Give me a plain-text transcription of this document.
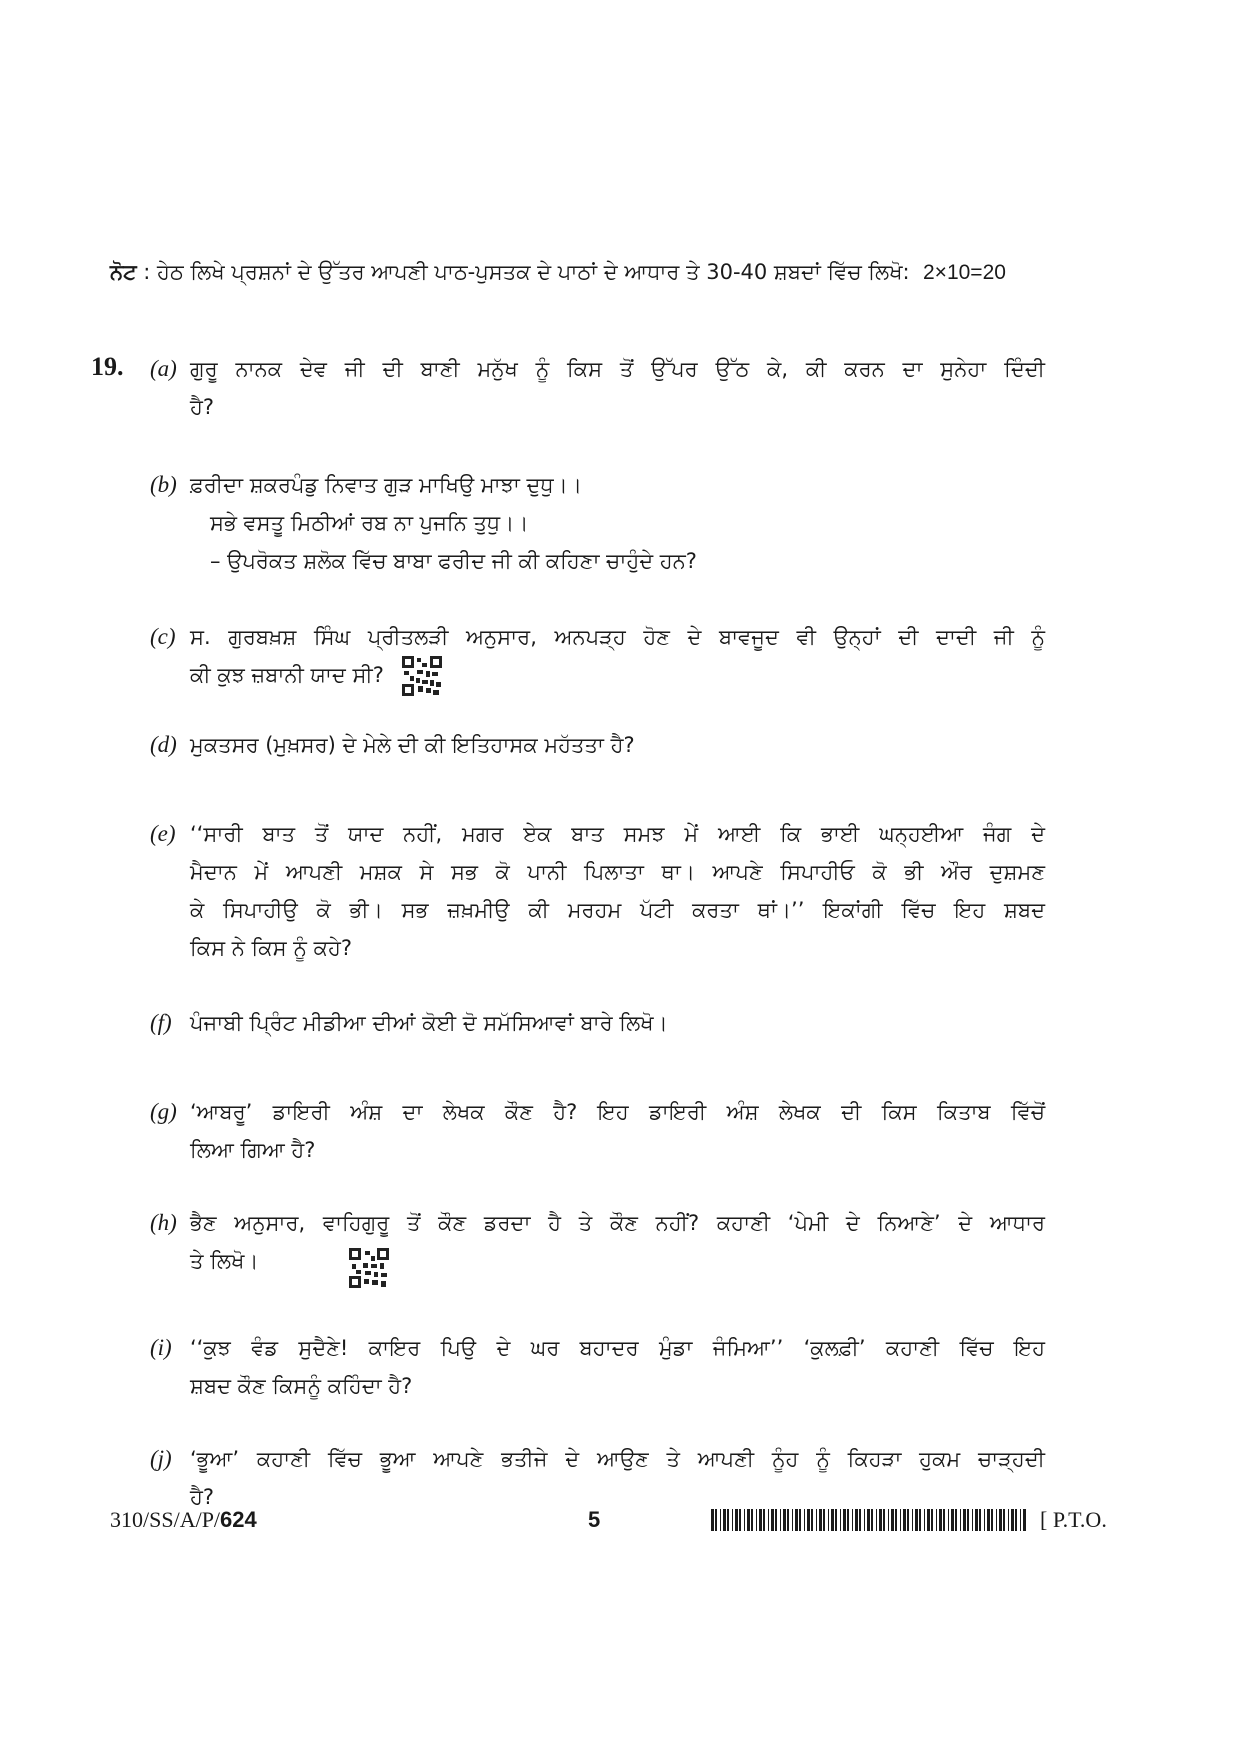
ਨੋਟ : ਹੇਠ ਲਿਖੇ ਪ੍ਰਸ਼ਨਾਂ ਦੇ ਉੱਤਰ ਆਪਣੀ ਪਾਠ-ਪੁਸਤਕ ਦੇ ਪਾਠਾਂ ਦੇ ਆਧਾਰ ਤੇ 30-40 ਸ਼ਬਦਾਂ ਵਿੱਚ ਲਿਖੋ: 2×10=20
19. (a) ਗੁਰੂ ਨਾਨਕ ਦੇਵ ਜੀ ਦੀ ਬਾਣੀ ਮਨੁੱਖ ਨੂੰ ਕਿਸ ਤੋਂ ਉੱਪਰ ਉੱਠ ਕੇ, ਕੀ ਕਰਨ ਦਾ ਸੁਨੇਹਾ ਦਿੰਦੀ
ਹੈ?
(b) ਫ਼ਰੀਦਾ ਸ਼ਕਰਪੰਡੁ ਨਿਵਾਤ ਗੁੜ ਮਾਖਿਉ ਮਾਝਾ ਦੁਧੁ।।
ਸਭੇ ਵਸਤੂ ਮਿਠੀਆਂ ਰਬ ਨਾ ਪੁਜਨਿ ਤੁਧੁ।।
– ਉਪਰੋਕਤ ਸ਼ਲੋਕ ਵਿੱਚ ਬਾਬਾ ਫਰੀਦ ਜੀ ਕੀ ਕਹਿਣਾ ਚਾਹੁੰਦੇ ਹਨ?
(c) ਸ. ਗੁਰਬਖ਼ਸ਼ ਸਿੰਘ ਪ੍ਰੀਤਲੜੀ ਅਨੁਸਾਰ, ਅਨਪੜ੍ਹ ਹੋਣ ਦੇ ਬਾਵਜੂਦ ਵੀ ਉਨ੍ਹਾਂ ਦੀ ਦਾਦੀ ਜੀ ਨੂੰ
ਕੀ ਕੁਝ ਜ਼ਬਾਨੀ ਯਾਦ ਸੀ?
(d) ਮੁਕਤਸਰ (ਮੁਖ਼ਸਰ) ਦੇ ਮੇਲੇ ਦੀ ਕੀ ਇਤਿਹਾਸਕ ਮਹੱਤਤਾ ਹੈ?
(e) ‘‘ਸਾਰੀ ਬਾਤ ਤੋਂ ਯਾਦ ਨਹੀਂ, ਮਗਰ ਏਕ ਬਾਤ ਸਮਝ ਮੇਂ ਆਈ ਕਿ ਭਾਈ ਘਨ੍ਹਈਆ ਜੰਗ ਦੇ
ਮੈਦਾਨ ਮੇਂ ਆਪਣੀ ਮਸ਼ਕ ਸੇ ਸਭ ਕੋ ਪਾਨੀ ਪਿਲਾਤਾ ਥਾ। ਆਪਣੇ ਸਿਪਾਹੀਓ ਕੋ ਭੀ ਔਰ ਦੁਸ਼ਮਣ
ਕੇ ਸਿਪਾਹੀਉ ਕੋ ਭੀ। ਸਭ ਜ਼ਖ਼ਮੀਉ ਕੀ ਮਰਹਮ ਪੱਟੀ ਕਰਤਾ ਥਾਂ।’’ ਇਕਾਂਗੀ ਵਿੱਚ ਇਹ ਸ਼ਬਦ
ਕਿਸ ਨੇ ਕਿਸ ਨੂੰ ਕਹੇ?
(f) ਪੰਜਾਬੀ ਪ੍ਰਿੰਟ ਮੀਡੀਆ ਦੀਆਂ ਕੋਈ ਦੋ ਸਮੱਸਿਆਵਾਂ ਬਾਰੇ ਲਿਖੋ।
(g) ‘ਆਬਰੂ’ ਡਾਇਰੀ ਅੰਸ਼ ਦਾ ਲੇਖਕ ਕੌਣ ਹੈ? ਇਹ ਡਾਇਰੀ ਅੰਸ਼ ਲੇਖਕ ਦੀ ਕਿਸ ਕਿਤਾਬ ਵਿੱਚੋਂ
ਲਿਆ ਗਿਆ ਹੈ?
(h) ਭੈਣ ਅਨੁਸਾਰ, ਵਾਹਿਗੁਰੂ ਤੋਂ ਕੌਣ ਡਰਦਾ ਹੈ ਤੇ ਕੌਣ ਨਹੀਂ? ਕਹਾਣੀ ‘ਪੇਮੀ ਦੇ ਨਿਆਣੇ’ ਦੇ ਆਧਾਰ
ਤੇ ਲਿਖੋ।
(i) ‘‘ਕੁਝ ਵੰਡ ਸੁਦੈਣੇ! ਕਾਇਰ ਪਿਉ ਦੇ ਘਰ ਬਹਾਦਰ ਮੁੰਡਾ ਜੰਮਿਆ’’ ‘ਕੁਲਫ਼ੀ’ ਕਹਾਣੀ ਵਿੱਚ ਇਹ
ਸ਼ਬਦ ਕੌਣ ਕਿਸਨੂੰ ਕਹਿੰਦਾ ਹੈ?
(j) ‘ਭੂਆ’ ਕਹਾਣੀ ਵਿੱਚ ਭੂਆ ਆਪਣੇ ਭਤੀਜੇ ਦੇ ਆਉਣ ਤੇ ਆਪਣੀ ਨੂੰਹ ਨੂੰ ਕਿਹੜਾ ਹੁਕਮ ਚਾੜ੍ਹਦੀ
ਹੈ?
310/SS/A/P/624	5	[ P.T.O.
